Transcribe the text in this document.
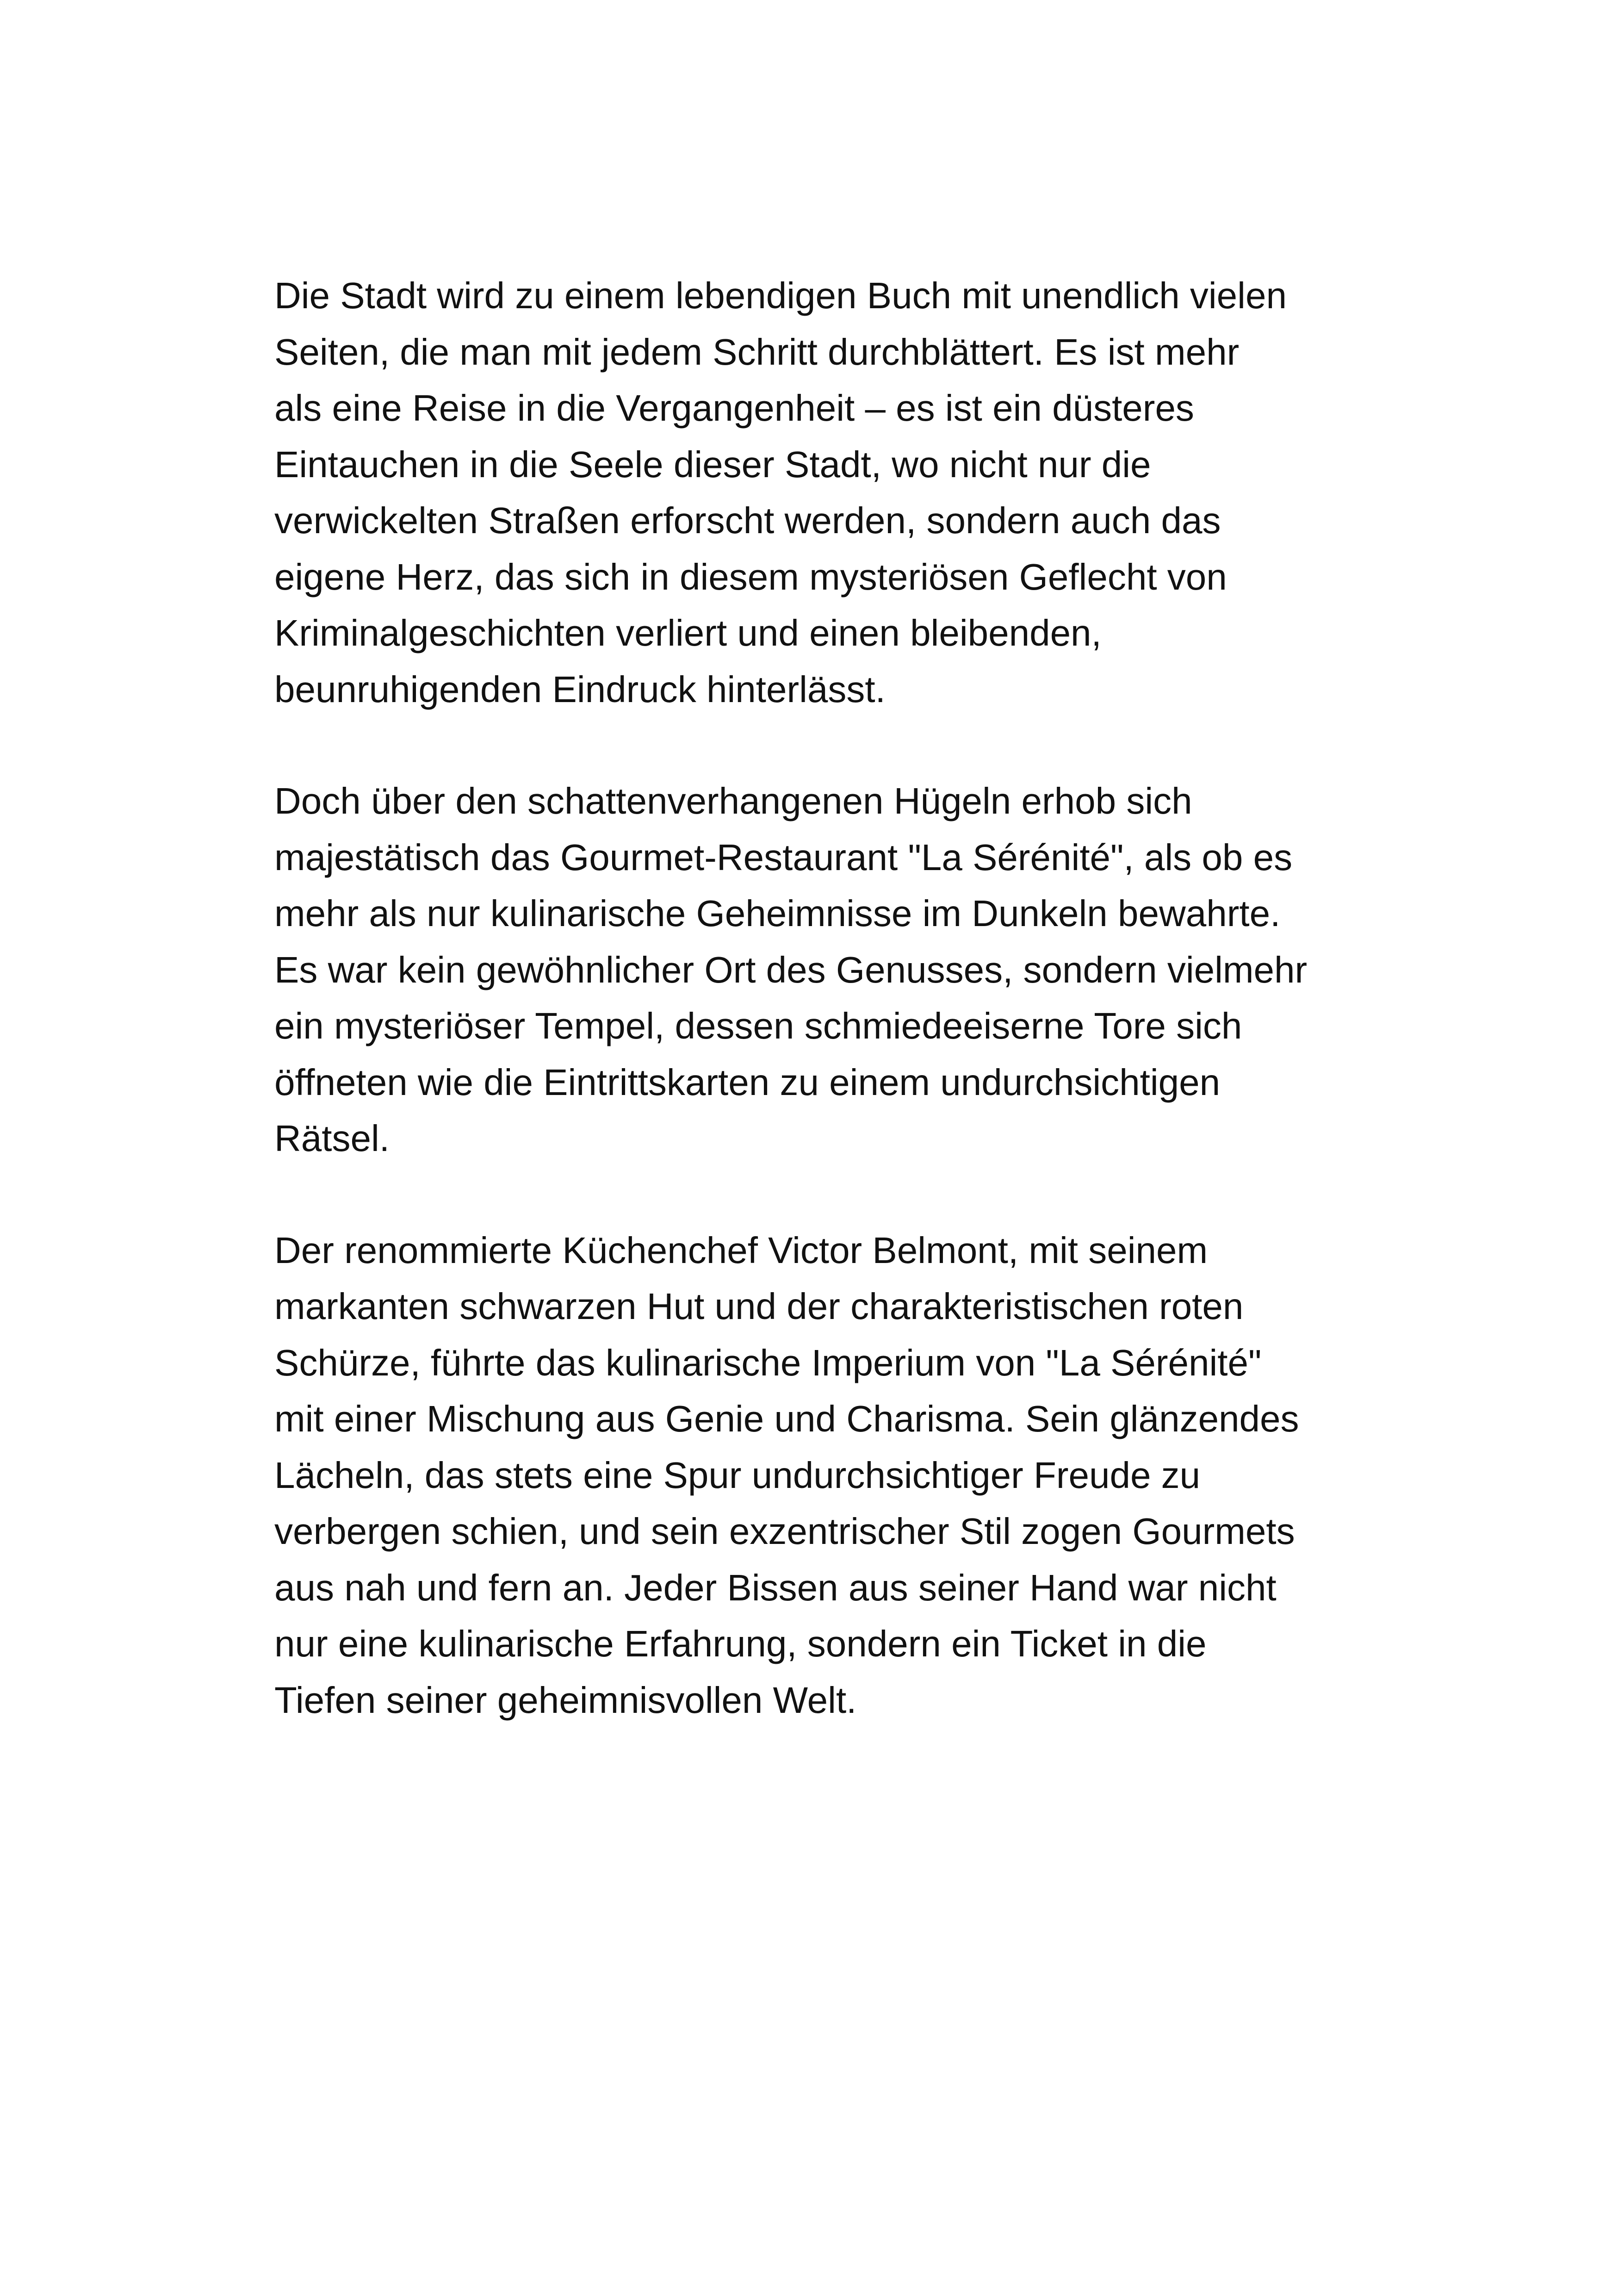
Die Stadt wird zu einem lebendigen Buch mit unendlich vielen
Seiten, die man mit jedem Schritt durchblättert. Es ist mehr
als eine Reise in die Vergangenheit – es ist ein düsteres
Eintauchen in die Seele dieser Stadt, wo nicht nur die
verwickelten Straßen erforscht werden, sondern auch das
eigene Herz, das sich in diesem mysteriösen Geflecht von
Kriminalgeschichten verliert und einen bleibenden,
beunruhigenden Eindruck hinterlässt.

Doch über den schattenverhangenen Hügeln erhob sich
majestätisch das Gourmet-Restaurant "La Sérénité", als ob es
mehr als nur kulinarische Geheimnisse im Dunkeln bewahrte.
Es war kein gewöhnlicher Ort des Genusses, sondern vielmehr
ein mysteriöser Tempel, dessen schmiedeeiserne Tore sich
öffneten wie die Eintrittskarten zu einem undurchsichtigen
Rätsel.

Der renommierte Küchenchef Victor Belmont, mit seinem
markanten schwarzen Hut und der charakteristischen roten
Schürze, führte das kulinarische Imperium von "La Sérénité"
mit einer Mischung aus Genie und Charisma. Sein glänzendes
Lächeln, das stets eine Spur undurchsichtiger Freude zu
verbergen schien, und sein exzentrischer Stil zogen Gourmets
aus nah und fern an. Jeder Bissen aus seiner Hand war nicht
nur eine kulinarische Erfahrung, sondern ein Ticket in die
Tiefen seiner geheimnisvollen Welt.
